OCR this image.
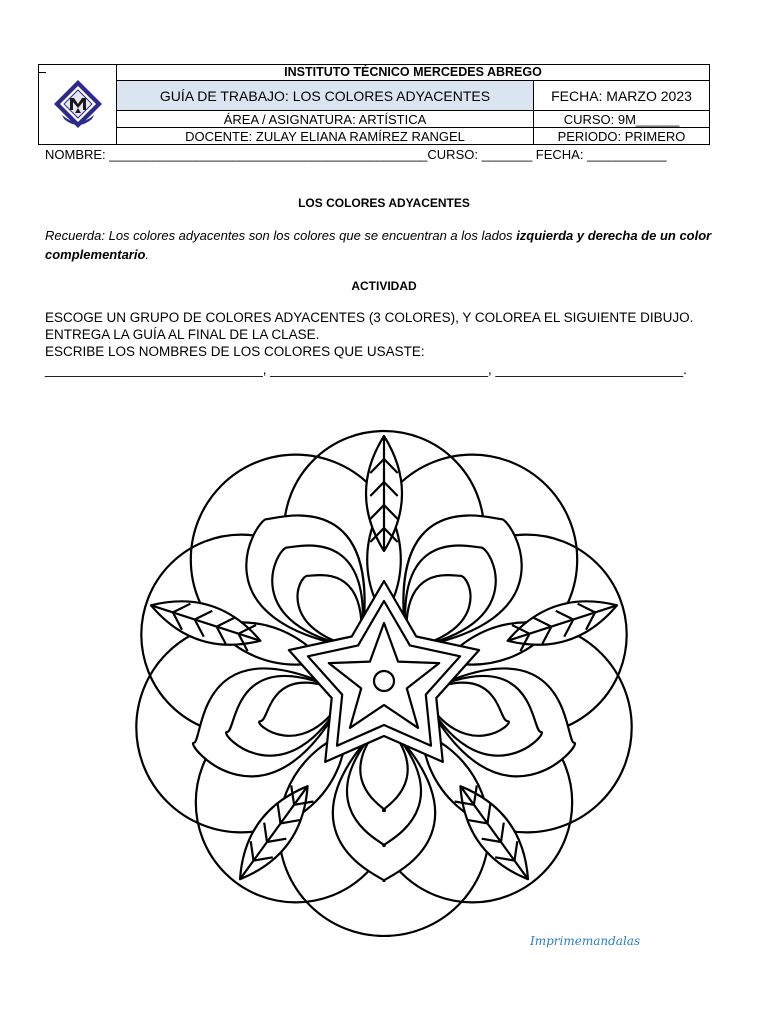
INSTITUTO TÉCNICO MERCEDES ABREGO
GUÍA DE TRABAJO: LOS COLORES ADYACENTES	FECHA: MARZO 2023
ÁREA / ASIGNATURA: ARTÍSTICA	CURSO: 9M______
DOCENTE: ZULAY ELIANA RAMÍREZ RANGEL	PERIODO: PRIMERO
NOMBRE: ____________________________________________CURSO: _______ FECHA: ___________
LOS COLORES ADYACENTES
Recuerda: Los colores adyacentes son los colores que se encuentran a los lados izquierda y derecha de un color complementario.
ACTIVIDAD
ESCOGE UN GRUPO DE COLORES ADYACENTES (3 COLORES), Y COLOREA EL SIGUIENTE DIBUJO.
ENTREGA LA GUÍA AL FINAL DE LA CLASE.
ESCRIBE LOS NOMBRES DE LOS COLORES QUE USASTE:
_____________________________, _____________________________, _________________________.
Imprimemandalas
